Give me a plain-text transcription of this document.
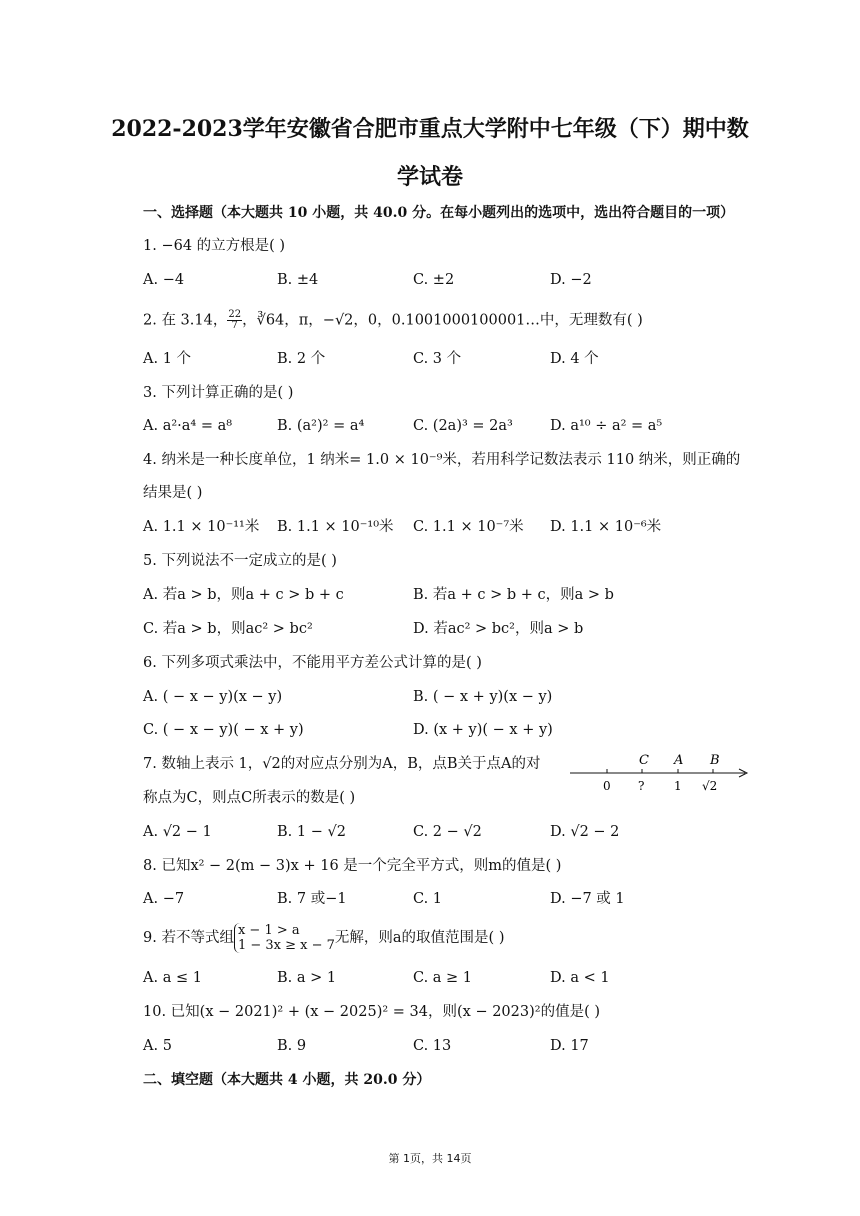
2022-2023学年安徽省合肥市重点大学附中七年级（下）期中数
学试卷
一、选择题（本大题共 10 小题，共 40.0 分。在每小题列出的选项中，选出符合题目的一项）
1. −64 的立方根是( )
A. −4	B. ±4	C. ±2	D. −2
2. 在 3.14， $\frac{22}{7}$ ，∛64，π，−√2，0，0.1001000100001…中，无理数有( )
A. 1 个	B. 2 个	C. 3 个	D. 4 个
3. 下列计算正确的是( )
A. a²·a⁴ = a⁸	B. (a²)² = a⁴	C. (2a)³ = 2a³	D. a¹⁰ ÷ a² = a⁵
4. 纳米是一种长度单位，1 纳米= 1.0 × 10⁻⁹米，若用科学记数法表示 110 纳米，则正确的
结果是( )
A. 1.1 × 10⁻¹¹米 B. 1.1 × 10⁻¹⁰米 C. 1.1 × 10⁻⁷米 D. 1.1 × 10⁻⁶米
5. 下列说法不一定成立的是( )
A. 若a > b，则a + c > b + c	B. 若a + c > b + c，则a > b
C. 若a > b，则ac² > bc²	D. 若ac² > bc²，则a > b
6. 下列多项式乘法中，不能用平方差公式计算的是( )
A. ( − x − y)(x − y)	B. ( − x + y)(x − y)
C. ( − x − y)( − x + y)	D. (x + y)( − x + y)
7. 数轴上表示 1，√2的对应点分别为A，B，点B关于点A的对
称点为C，则点C所表示的数是( )
C A B
0 ? 1 √2
A. √2 − 1	B. 1 − √2	C. 2 − √2	D. √2 − 2
8. 已知x² − 2(m − 3)x + 16 是一个完全平方式，则m的值是( )
A. −7	B. 7 或−1	C. 1	D. −7 或 1
9. 若不等式组 x − 1 > a
1 − 3x ≥ x − 7 无解，则a的取值范围是( )
A. a ≤ 1	B. a > 1	C. a ≥ 1	D. a < 1
10. 已知(x − 2021)² + (x − 2025)² = 34，则(x − 2023)²的值是( )
A. 5	B. 9	C. 13	D. 17
二、填空题（本大题共 4 小题，共 20.0 分）
第 1页，共 14页
